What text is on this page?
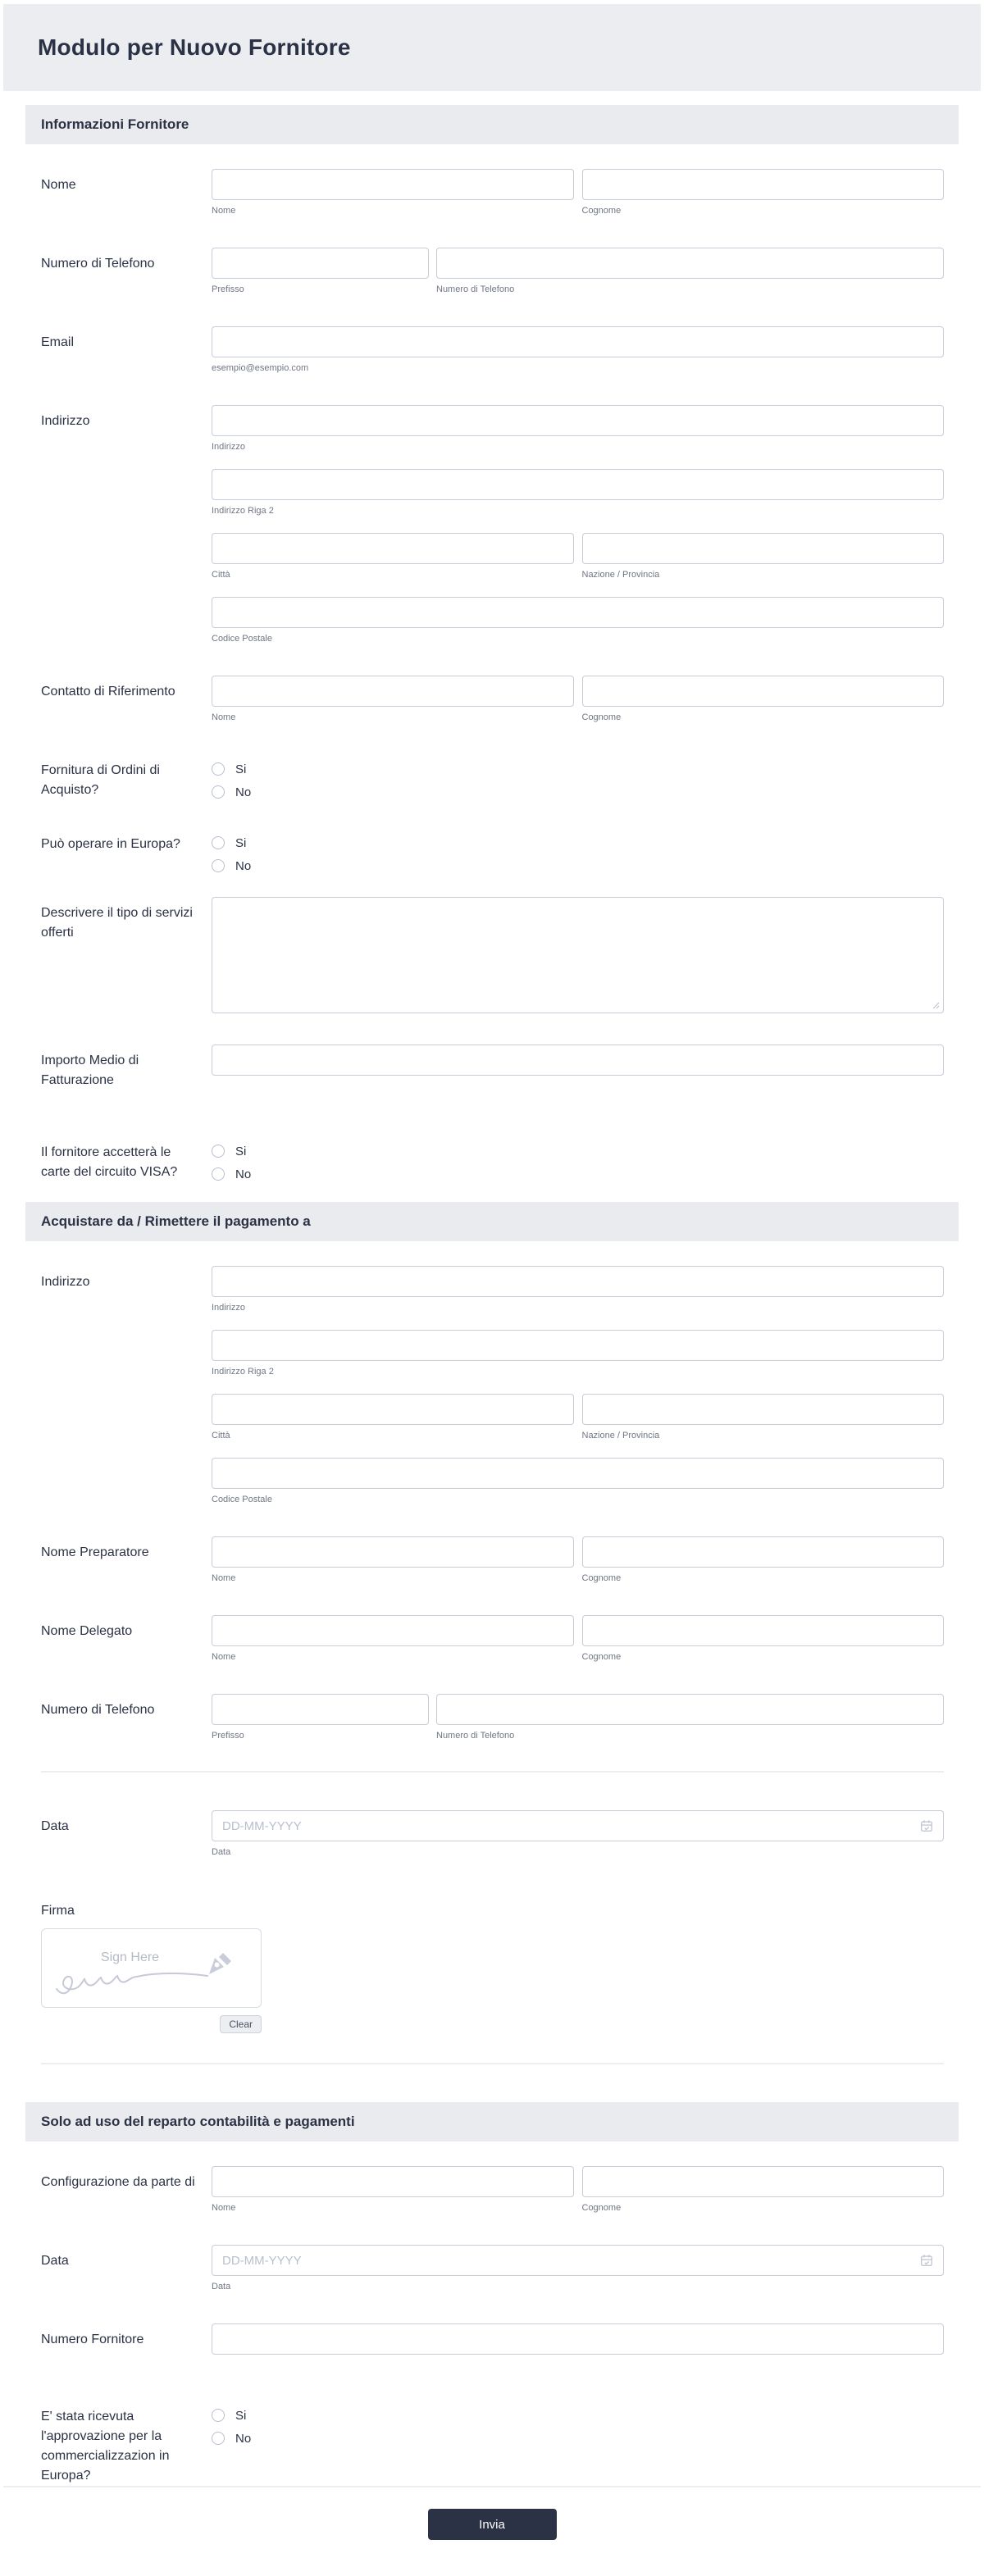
Modulo per Nuovo Fornitore
Informazioni Fornitore
Nome
Nome	Cognome
Numero di Telefono
Prefisso	Numero di Telefono
Email
esempio@esempio.com
Indirizzo
Indirizzo
Indirizzo Riga 2
Città	Nazione / Provincia
Codice Postale
Contatto di Riferimento
Nome	Cognome
Fornitura di Ordini di Acquisto?
Si
No
Può operare in Europa?	Si
No
Descrivere il tipo di servizi offerti
Importo Medio di Fatturazione
Il fornitore accetterà le carte del circuito VISA?
Si
No
Acquistare da / Rimettere il pagamento a
Indirizzo
Indirizzo
Indirizzo Riga 2
Città	Nazione / Provincia
Codice Postale
Nome Preparatore
Nome	Cognome
Nome Delegato
Nome	Cognome
Numero di Telefono
Prefisso	Numero di Telefono
Data
DD-MM-YYYY
Data
Firma
Sign Here
Clear
Solo ad uso del reparto contabilità e pagamenti
Configurazione da parte di
Nome	Cognome
Data
DD-MM-YYYY
Data
Numero Fornitore
E' stata ricevuta l'approvazione per la commercializzazion in Europa?
Si
No
Invia
